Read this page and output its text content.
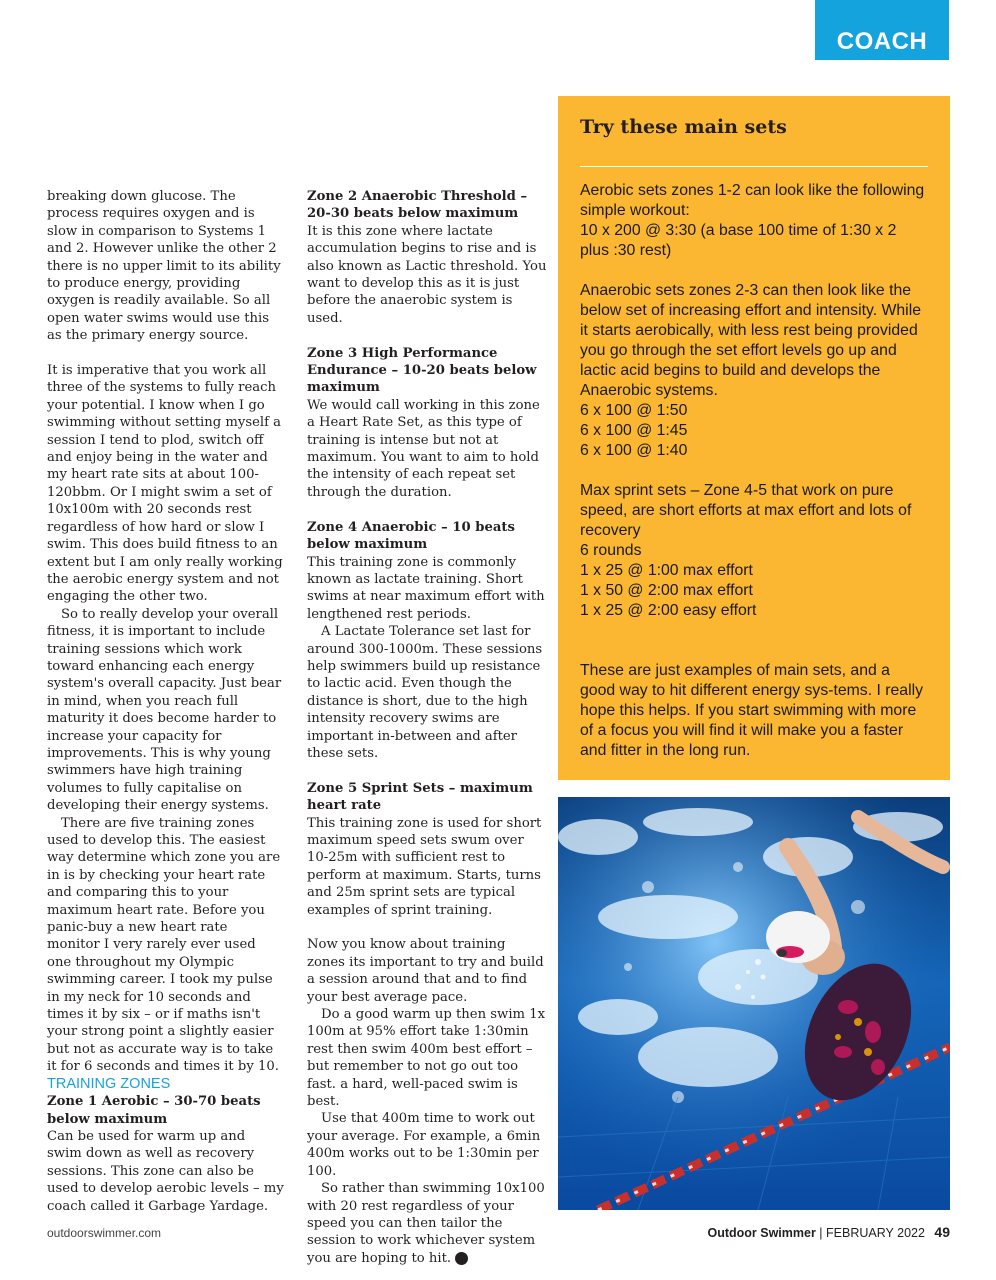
COACH

breaking down glucose. The process requires oxygen and is slow in comparison to Systems 1 and 2. However unlike the other 2 there is no upper limit to its ability to produce energy, providing oxygen is readily available. So all open water swims would use this as the primary energy source.

It is imperative that you work all three of the systems to fully reach your potential. I know when I go swimming without setting myself a session I tend to plod, switch off and enjoy being in the water and my heart rate sits at about 100-120bbm. Or I might swim a set of 10x100m with 20 seconds rest regardless of how hard or slow I swim. This does build fitness to an extent but I am only really working the aerobic energy system and not engaging the other two.

So to really develop your overall fitness, it is important to include training sessions which work toward enhancing each energy system's overall capacity. Just bear in mind, when you reach full maturity it does become harder to increase your capacity for improvements. This is why young swimmers have high training volumes to fully capitalise on developing their energy systems.

There are five training zones used to develop this. The easiest way determine which zone you are in is by checking your heart rate and comparing this to your maximum heart rate. Before you panic-buy a new heart rate monitor I very rarely ever used one throughout my Olympic swimming career. I took my pulse in my neck for 10 seconds and times it by six – or if maths isn't your strong point a slightly easier but not as accurate way is to take it for 6 seconds and times it by 10.

TRAINING ZONES

Zone 1 Aerobic – 30-70 beats below maximum

Can be used for warm up and swim down as well as recovery sessions. This zone can also be used to develop aerobic levels – my coach called it Garbage Yardage.

Zone 2 Anaerobic Threshold – 20-30 beats below maximum

It is this zone where lactate accumulation begins to rise and is also known as Lactic threshold. You want to develop this as it is just before the anaerobic system is used.

Zone 3 High Performance Endurance – 10-20 beats below maximum

We would call working in this zone a Heart Rate Set, as this type of training is intense but not at maximum. You want to aim to hold the intensity of each repeat set through the duration.

Zone 4 Anaerobic – 10 beats below maximum

This training zone is commonly known as lactate training. Short swims at near maximum effort with lengthened rest periods.

A Lactate Tolerance set last for around 300-1000m. These sessions help swimmers build up resistance to lactic acid. Even though the distance is short, due to the high intensity recovery swims are important in-between and after these sets.

Zone 5 Sprint Sets – maximum heart rate

This training zone is used for short maximum speed sets swum over 10-25m with sufficient rest to perform at maximum. Starts, turns and 25m sprint sets are typical examples of sprint training.

Now you know about training zones its important to try and build a session around that and to find your best average pace.

Do a good warm up then swim 1x 100m at 95% effort take 1:30min rest then swim 400m best effort – but remember to not go out too fast. a hard, well-paced swim is best.

Use that 400m time to work out your average. For example, a 6min 400m works out to be 1:30min per 100.

So rather than swimming 10x100 with 20 rest regardless of your speed you can then tailor the session to work whichever system you are hoping to hit. OS

Try these main sets

Aerobic sets zones 1-2 can look like the following simple workout:

10 x 200 @ 3:30 (a base 100 time of 1:30 x 2 plus :30 rest)

Anaerobic sets zones 2-3 can then look like the below set of increasing effort and intensity. While it starts aerobically, with less rest being provided you go through the set effort levels go up and lactic acid begins to build and develops the Anaerobic systems.

6 x 100 @ 1:50

6 x 100 @ 1:45

6 x 100 @ 1:40

Max sprint sets – Zone 4-5 that work on pure speed, are short efforts at max effort and lots of recovery

6 rounds

1 x 25 @ 1:00 max effort

1 x 50 @ 2:00 max effort

1 x 25 @ 2:00 easy effort

These are just examples of main sets, and a good way to hit different energy sys-tems. I really hope this helps. If you start swimming with more of a focus you will find it will make you a faster and fitter in the long run.

outdoorswimmer.com	Outdoor Swimmer | FEBRUARY 2022 49
